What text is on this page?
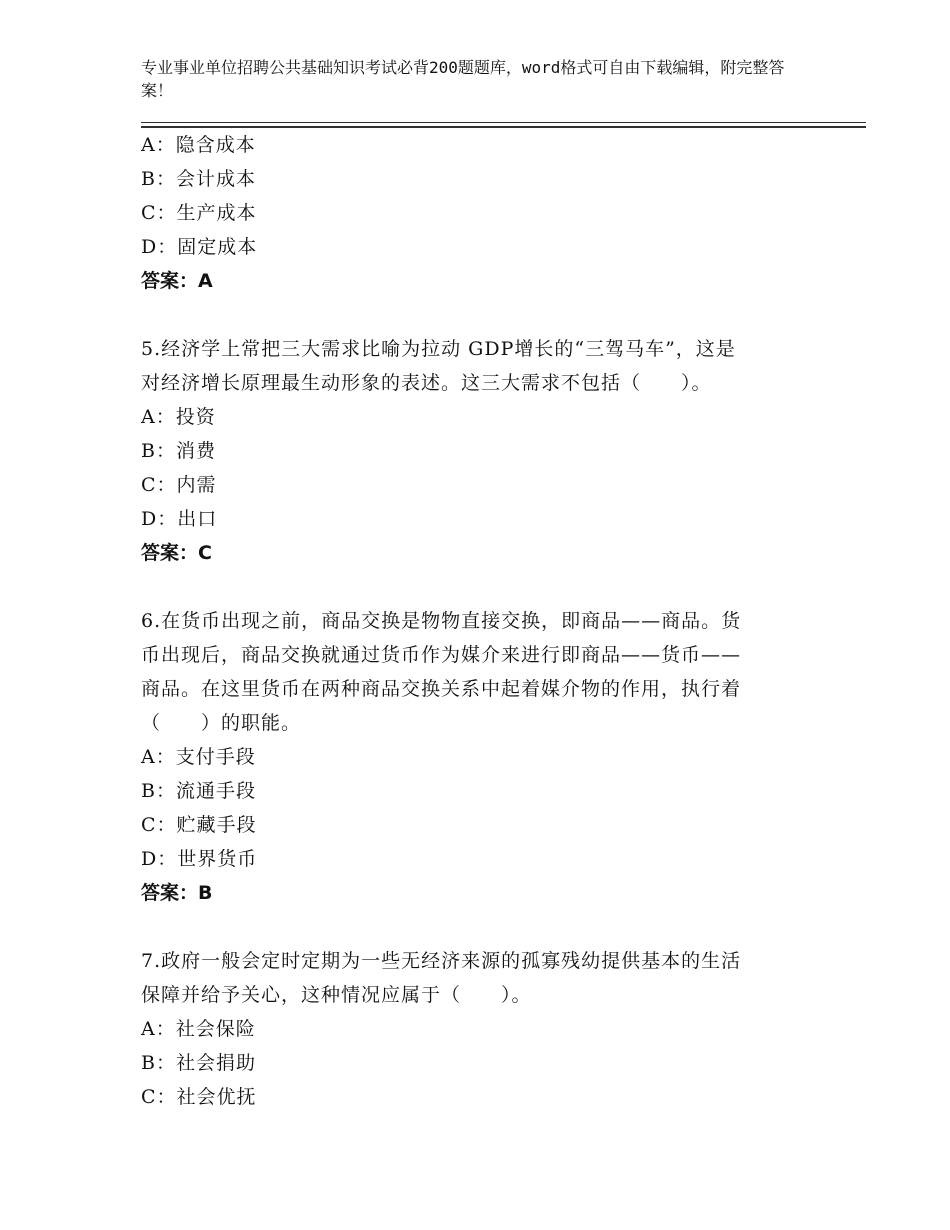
专业事业单位招聘公共基础知识考试必背200题题库，word格式可自由下载编辑，附完整答案！
A：隐含成本
B：会计成本
C：生产成本
D：固定成本
答案：A
5.经济学上常把三大需求比喻为拉动 GDP增长的“三驾马车”，这是
对经济增长原理最生动形象的表述。这三大需求不包括（　　）。
A：投资
B：消费
C：内需
D：出口
答案：C
6.在货币出现之前，商品交换是物物直接交换，即商品——商品。货
币出现后，商品交换就通过货币作为媒介来进行即商品——货币——
商品。在这里货币在两种商品交换关系中起着媒介物的作用，执行着
（　　）的职能。
A：支付手段
B：流通手段
C：贮藏手段
D：世界货币
答案：B
7.政府一般会定时定期为一些无经济来源的孤寡残幼提供基本的生活
保障并给予关心，这种情况应属于（　　）。
A：社会保险
B：社会捐助
C：社会优抚
